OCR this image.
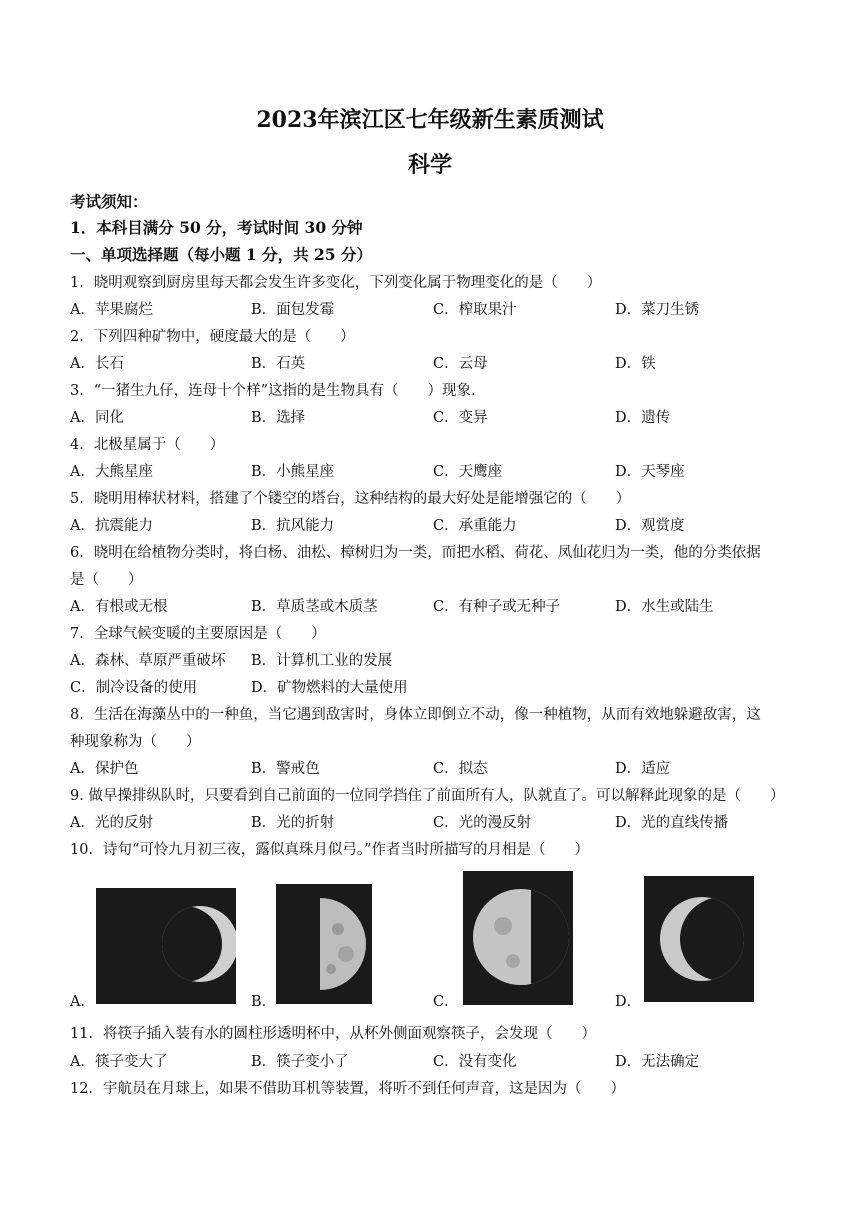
2023年滨江区七年级新生素质测试
科学
考试须知：
1．本科目满分 50 分，考试时间 30 分钟
一、单项选择题（每小题 1 分，共 25 分）
1．晓明观察到厨房里每天都会发生许多变化，下列变化属于物理变化的是（　　）
A．苹果腐烂	B．面包发霉	C．榨取果汁	D．菜刀生锈
2．下列四种矿物中，硬度最大的是（　　）
A．长石	B．石英	C．云母	D．铁
3．“一猪生九仔，连母十个样”这指的是生物具有（　　）现象.
A．同化	B．选择	C．变异	D．遗传
4．北极星属于（　　）
A．大熊星座	B．小熊星座	C．天鹰座	D．天琴座
5．晓明用棒状材料，搭建了个镂空的塔台，这种结构的最大好处是能增强它的（　　）
A．抗震能力	B．抗风能力	C．承重能力	D．观赏度
6．晓明在给植物分类时，将白杨、油松、樟树归为一类，而把水稻、荷花、凤仙花归为一类，他的分类依据
是（　　）
A．有根或无根	B．草质茎或木质茎	C．有种子或无种子	D．水生或陆生
7．全球气候变暖的主要原因是（　　）
A．森林、草原严重破坏 B．计算机工业的发展
C．制冷设备的使用	D．矿物燃料的大量使用
8．生活在海藻丛中的一种鱼，当它遇到敌害时，身体立即倒立不动，像一种植物，从而有效地躲避敌害，这
种现象称为（　　）
A．保护色	B．警戒色	C．拟态	D．适应
9. 做早操排纵队时，只要看到自己前面的一位同学挡住了前面所有人，队就直了。可以解释此现象的是（　　）
A．光的反射	B．光的折射	C．光的漫反射	D．光的直线传播
10．诗句“可怜九月初三夜，露似真珠月似弓。”作者当时所描写的月相是（　　）
A．	B．	C．	D．
11．将筷子插入装有水的圆柱形透明杯中，从杯外侧面观察筷子，会发现（　　）
A．筷子变大了	B．筷子变小了	C．没有变化	D．无法确定
12．宇航员在月球上，如果不借助耳机等装置，将听不到任何声音，这是因为（　　）
